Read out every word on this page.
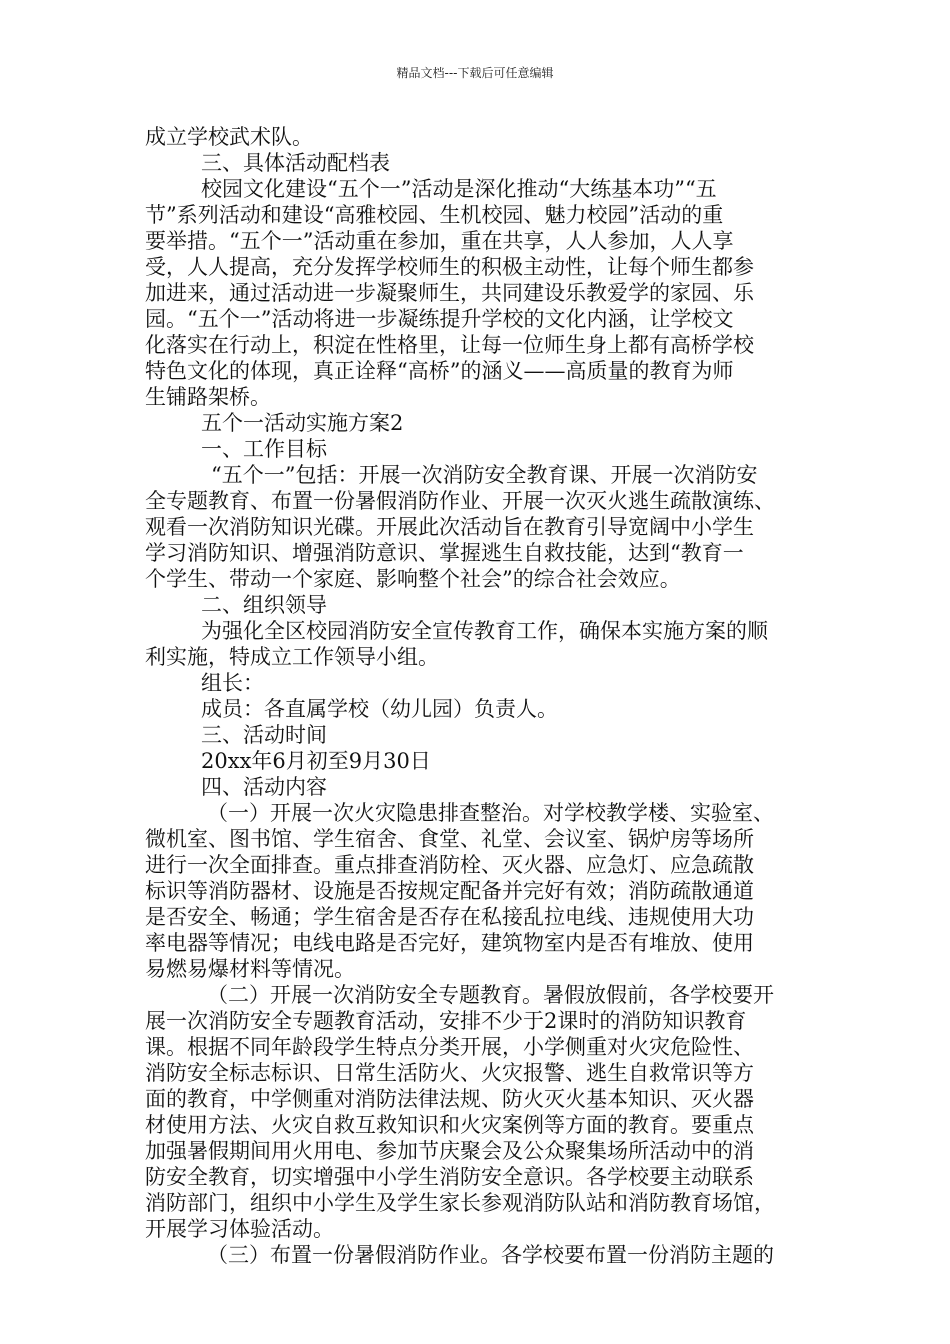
精品文档---下载后可任意编辑

成立学校武术队。

三、具体活动配档表

校园文化建设“五个一”活动是深化推动“大练基本功”“五

节”系列活动和建设“高雅校园、生机校园、魅力校园”活动的重

要举措。“五个一”活动重在参加，重在共享，人人参加，人人享

受，人人提高，充分发挥学校师生的积极主动性，让每个师生都参

加进来，通过活动进一步凝聚师生，共同建设乐教爱学的家园、乐

园。“五个一”活动将进一步凝练提升学校的文化内涵，让学校文

化落实在行动上，积淀在性格里，让每一位师生身上都有高桥学校

特色文化的体现，真正诠释“高桥”的涵义——高质量的教育为师

生铺路架桥。

五个一活动实施方案2

一、工作目标

“五个一”包括：开展一次消防安全教育课、开展一次消防安

全专题教育、布置一份暑假消防作业、开展一次灭火逃生疏散演练、

观看一次消防知识光碟。开展此次活动旨在教育引导宽阔中小学生

学习消防知识、增强消防意识、掌握逃生自救技能，达到“教育一

个学生、带动一个家庭、影响整个社会”的综合社会效应。

二、组织领导

为强化全区校园消防安全宣传教育工作，确保本实施方案的顺

利实施，特成立工作领导小组。

组长：

成员：各直属学校（幼儿园）负责人。

三、活动时间

20xx年6月初至9月30日

四、活动内容

（一）开展一次火灾隐患排查整治。对学校教学楼、实验室、

微机室、图书馆、学生宿舍、食堂、礼堂、会议室、锅炉房等场所

进行一次全面排查。重点排查消防栓、灭火器、应急灯、应急疏散

标识等消防器材、设施是否按规定配备并完好有效；消防疏散通道

是否安全、畅通；学生宿舍是否存在私接乱拉电线、违规使用大功

率电器等情况；电线电路是否完好，建筑物室内是否有堆放、使用

易燃易爆材料等情况。

（二）开展一次消防安全专题教育。暑假放假前，各学校要开

展一次消防安全专题教育活动，安排不少于2课时的消防知识教育

课。根据不同年龄段学生特点分类开展，小学侧重对火灾危险性、

消防安全标志标识、日常生活防火、火灾报警、逃生自救常识等方

面的教育，中学侧重对消防法律法规、防火灭火基本知识、灭火器

材使用方法、火灾自救互救知识和火灾案例等方面的教育。要重点

加强暑假期间用火用电、参加节庆聚会及公众聚集场所活动中的消

防安全教育，切实增强中小学生消防安全意识。各学校要主动联系

消防部门，组织中小学生及学生家长参观消防队站和消防教育场馆，

开展学习体验活动。

（三）布置一份暑假消防作业。各学校要布置一份消防主题的
